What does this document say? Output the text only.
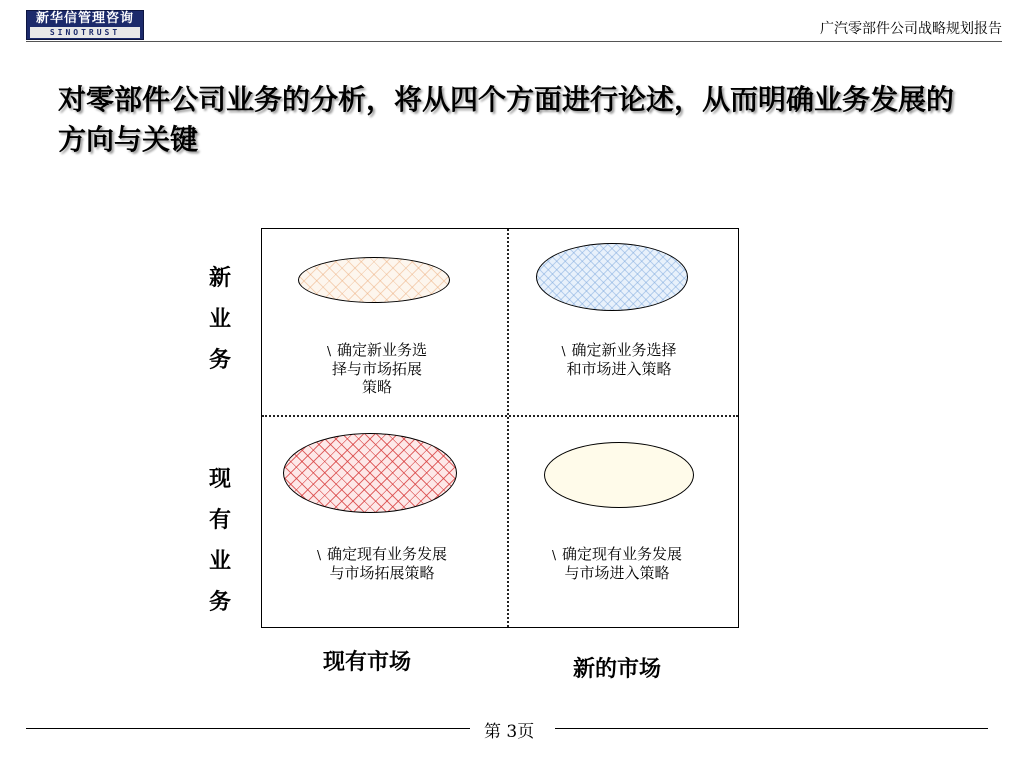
新华信管理咨询
SINOTRUST	广汽零部件公司战略规划报告
对零部件公司业务的分析，将从四个方面进行论述，从而明确业务发展的方向与关键
新
业
务
现
有
业
务
\ 确定新业务选
择与市场拓展
策略
\ 确定新业务选择
和市场进入策略
\ 确定现有业务发展
与市场拓展策略
\ 确定现有业务发展
与市场进入策略
现有市场	新的市场
第 3页
